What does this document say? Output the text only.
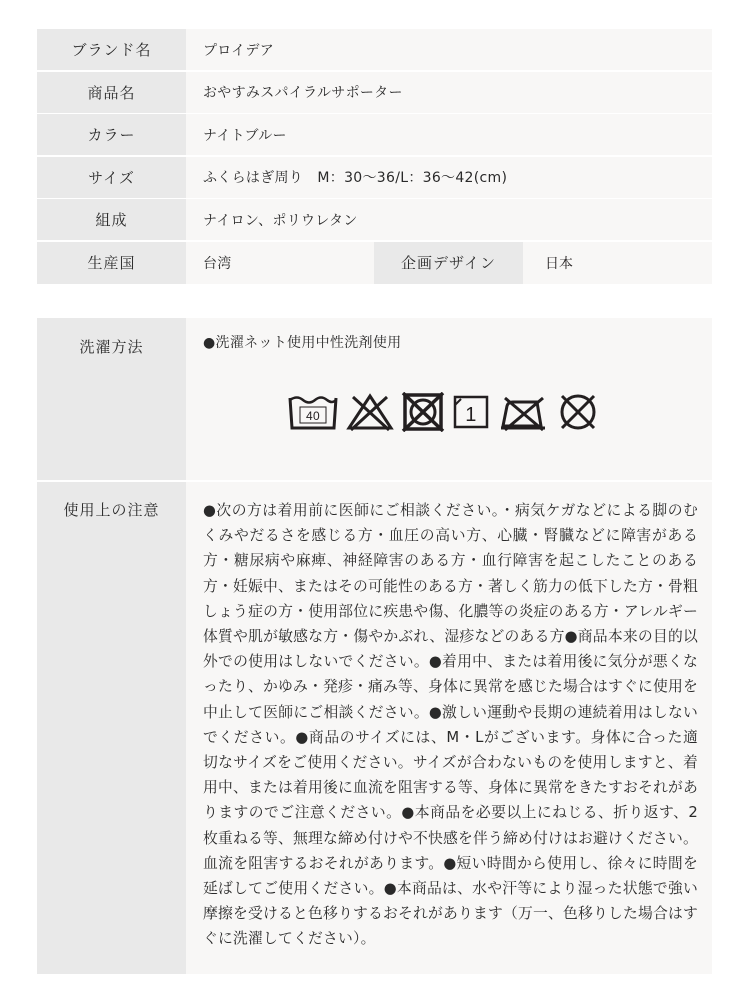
ブランド名	プロイデア
商品名	おやすみスパイラルサポーター
カラー	ナイトブルー
サイズ	ふくらはぎ周り　M：30〜36/L：36〜42(cm)
組成	ナイロン、ポリウレタン
生産国	台湾	企画デザイン	日本
洗濯方法	●洗濯ネット使用中性洗剤使用
40	1
使用上の注意	●次の方は着用前に医師にご相談ください。・病気ケガなどによる脚のむくみやだるさを感じる方・血圧の高い方、心臓・腎臓などに障害がある方・糖尿病や麻痺、神経障害のある方・血行障害を起こしたことのある方・妊娠中、またはその可能性のある方・著しく筋力の低下した方・骨粗しょう症の方・使用部位に疾患や傷、化膿等の炎症のある方・アレルギー体質や肌が敏感な方・傷やかぶれ、湿疹などのある方●商品本来の目的以外での使用はしないでください。●着用中、または着用後に気分が悪くなったり、かゆみ・発疹・痛み等、身体に異常を感じた場合はすぐに使用を中止して医師にご相談ください。●激しい運動や長期の連続着用はしないでください。●商品のサイズには、M・Lがございます。身体に合った適切なサイズをご使用ください。サイズが合わないものを使用しますと、着用中、または着用後に血流を阻害する等、身体に異常をきたすおそれがありますのでご注意ください。●本商品を必要以上にねじる、折り返す、2枚重ねる等、無理な締め付けや不快感を伴う締め付けはお避けください。血流を阻害するおそれがあります。●短い時間から使用し、徐々に時間を延ばしてご使用ください。●本商品は、水や汗等により湿った状態で強い摩擦を受けると色移りするおそれがあります（万一、色移りした場合はすぐに洗濯してください）。
